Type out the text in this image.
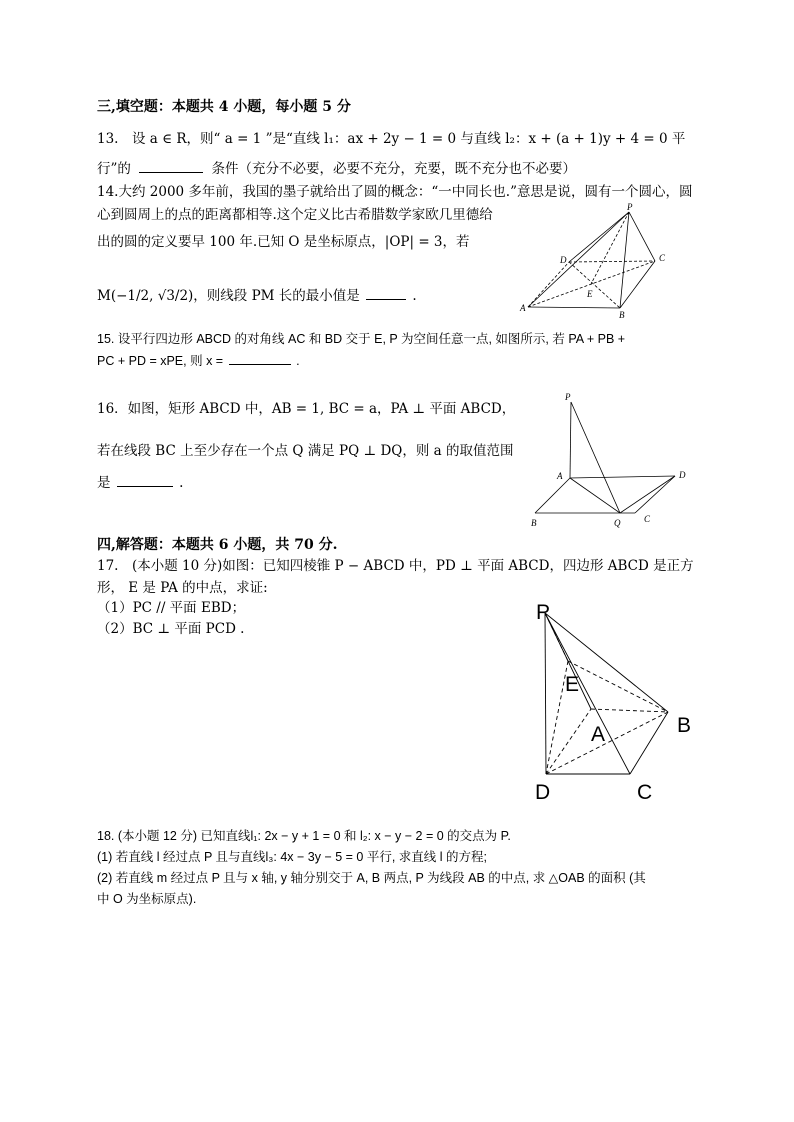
三,填空题：本题共 4 小题，每小题 5 分
13.　设 a ∈ R，则“ a = 1 ”是“直线 l₁：ax + 2y − 1 = 0 与直线 l₂：x + (a + 1)y + 4 = 0 平
行”的	条件（充分不必要，必要不充分，充要，既不充分也不必要）
14.大约 2000 多年前，我国的墨子就给出了圆的概念：“一中同长也.”意思是说，圆有一个圆心，圆
心到圆周上的点的距离都相等.这个定义比古希腊数学家欧几里德给
出的圆的定义要早 100 年.已知 O 是坐标原点，|OP| = 3，若
M(−1/2, √3/2)，则线段 PM 长的最小值是	.
P
A
B
C
D
E
15. 设平行四边形 ABCD 的对角线 AC 和 BD 交于 E, P 为空间任意一点, 如图所示, 若 PA + PB +
PC + PD = xPE, 则 x =	.
16．如图，矩形 ABCD 中，AB = 1, BC = a，PA ⊥ 平面 ABCD，
若在线段 BC 上至少存在一个点 Q 满足 PQ ⊥ DQ，则 a 的取值范围
是	.
P
A	D
B	Q	C
四,解答题：本题共 6 小题，共 70 分.
17.　(本小题 10 分)如图：已知四棱锥 P − ABCD 中，PD ⊥ 平面 ABCD，四边形 ABCD 是正方
形， E 是 PA 的中点，求证:
（1）PC // 平面 EBD；
（2）BC ⊥ 平面 PCD .
P
E
A	B
D	C
18. (本小题 12 分) 已知直线l₁: 2x − y + 1 = 0 和 l₂: x − y − 2 = 0 的交点为 P.
(1) 若直线 l 经过点 P 且与直线l₃: 4x − 3y − 5 = 0 平行, 求直线 l 的方程;
(2) 若直线 m 经过点 P 且与 x 轴, y 轴分别交于 A, B 两点, P 为线段 AB 的中点, 求 △OAB 的面积 (其
中 O 为坐标原点).
